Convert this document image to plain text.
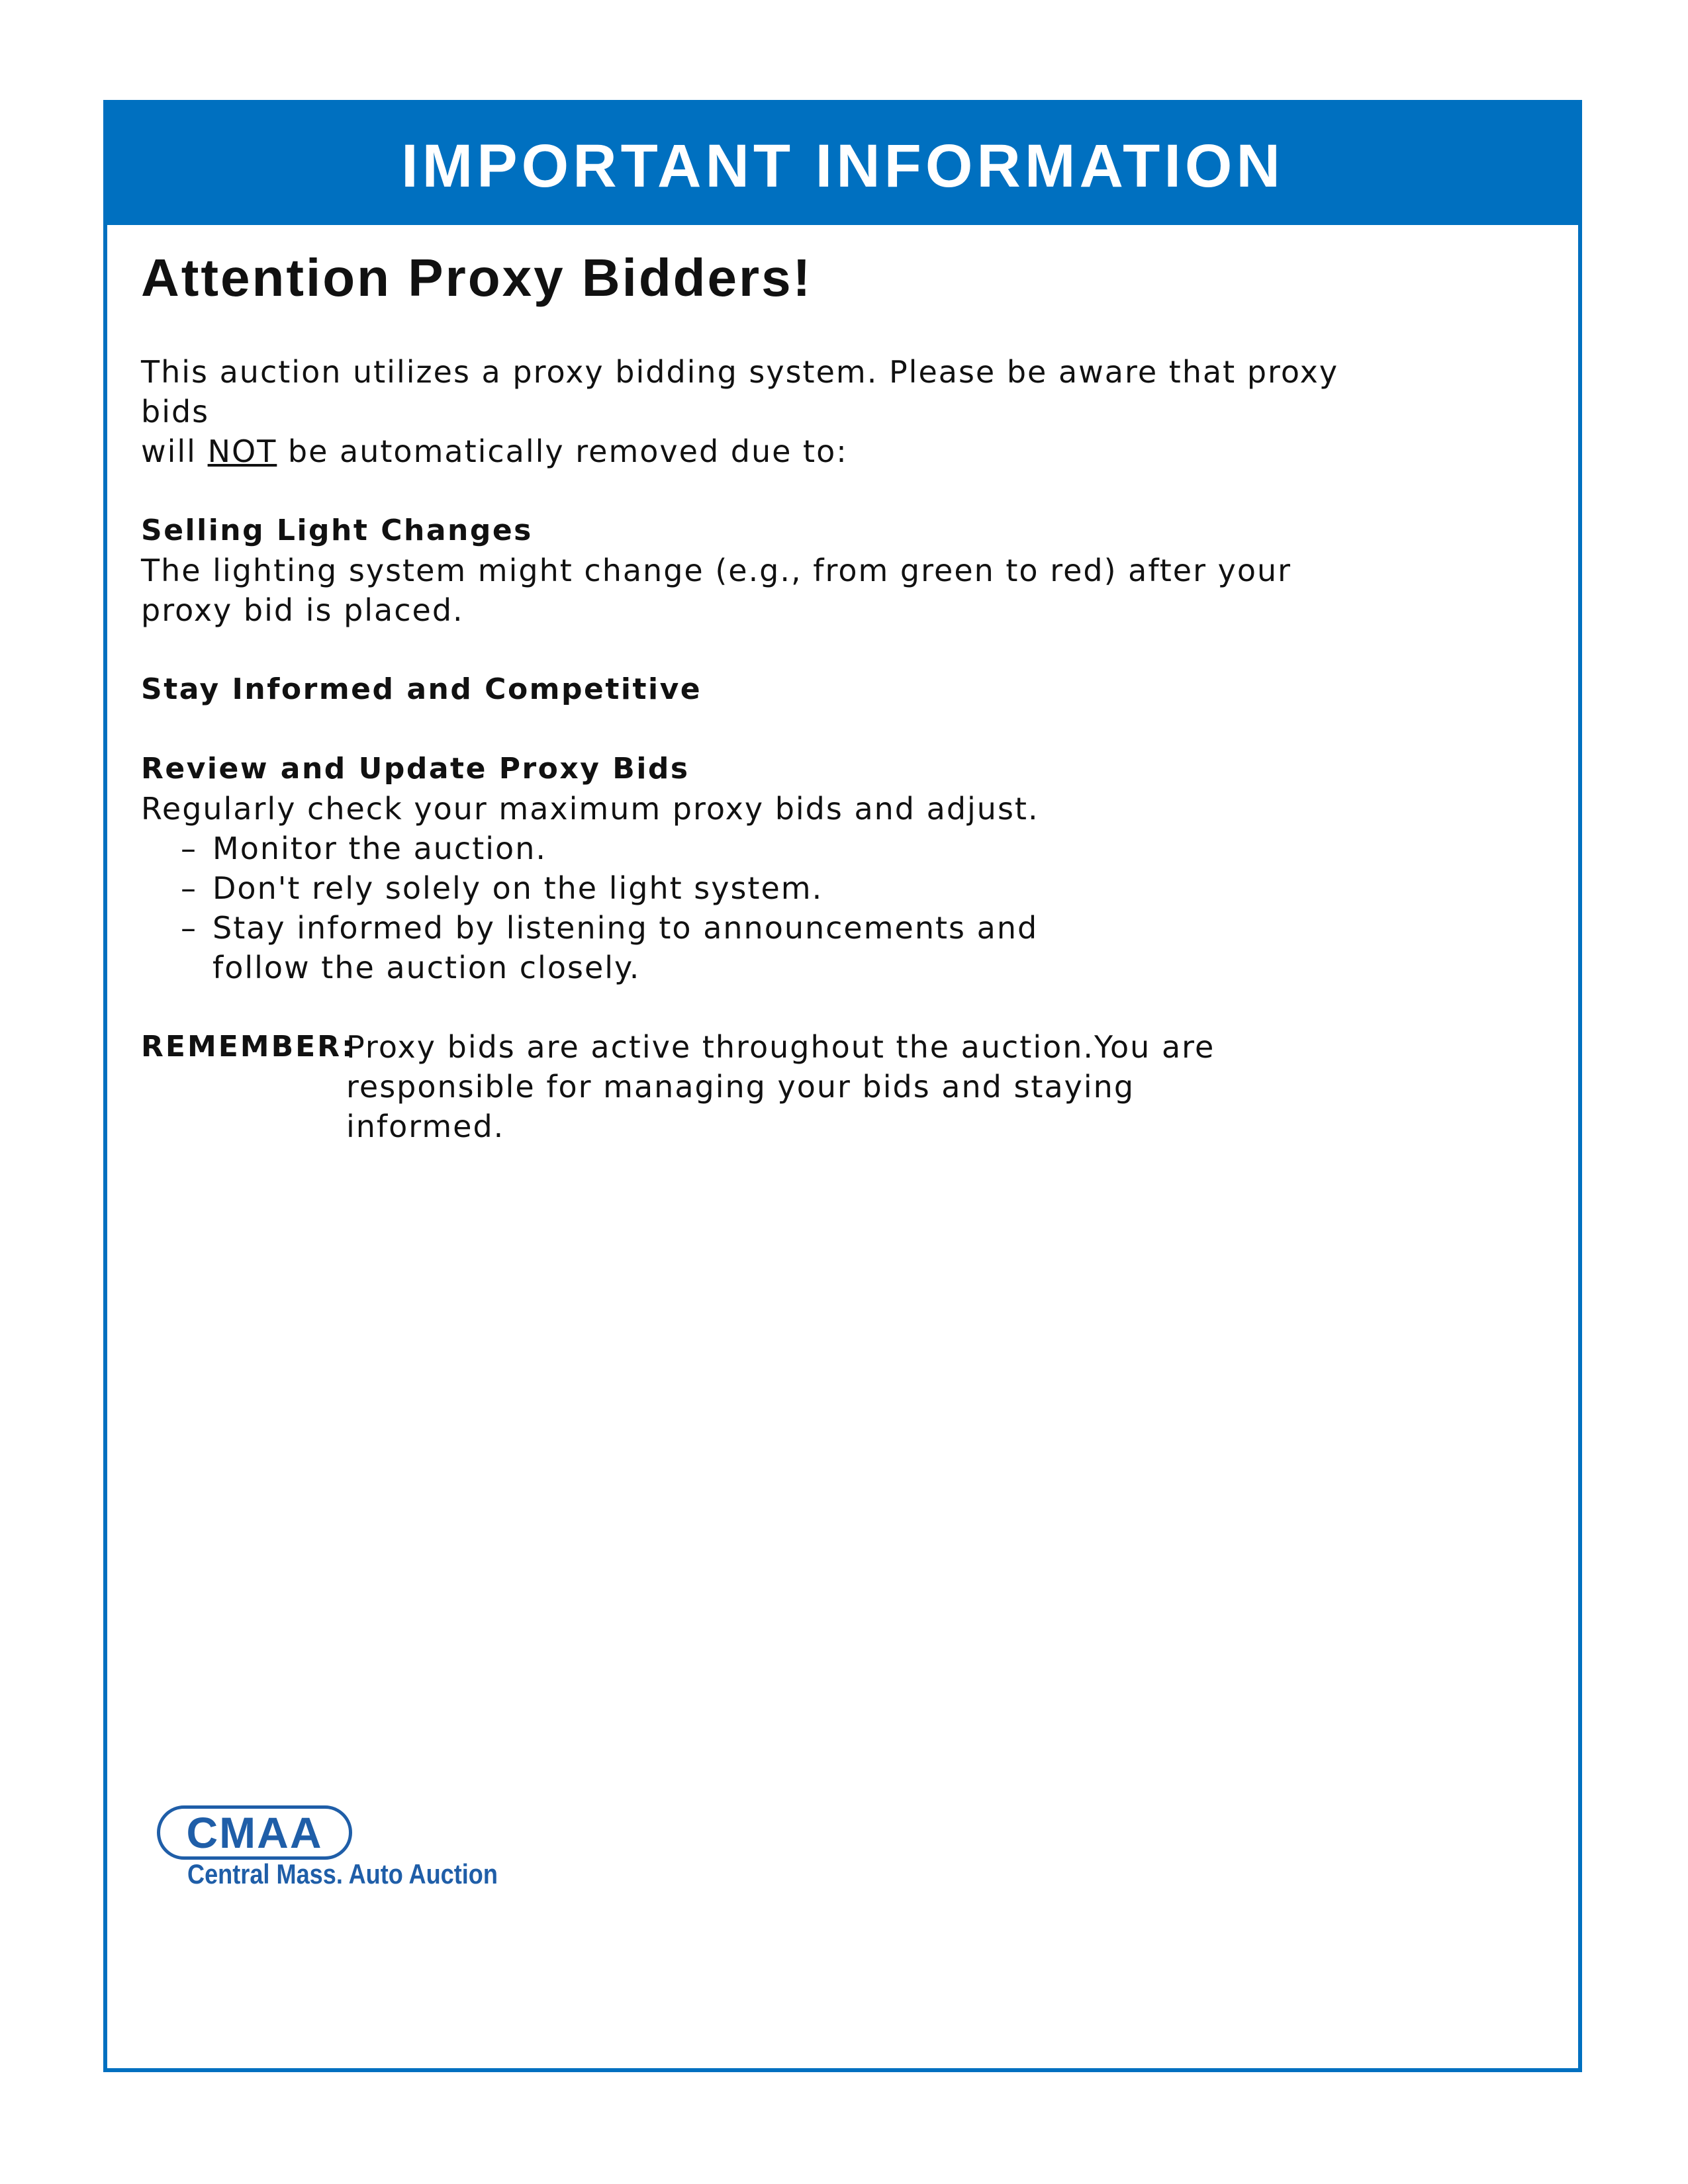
IMPORTANT INFORMATION
Attention Proxy Bidders!

This auction utilizes a proxy bidding system. Please be aware that proxy bids
will NOT be automatically removed due to:

Selling Light Changes

The lighting system might change (e.g., from green to red) after your proxy bid is placed.

Stay Informed and Competitive
Review and Update Proxy Bids

Regularly check your maximum proxy bids and adjust.

– Monitor the auction.
– Don't rely solely on the light system.
– Stay informed by listening to announcements and follow the auction closely.
REMEMBER:
Proxy bids are active throughout the auction.You are responsible for managing your bids and staying informed.
CMAA
Central Mass. Auto Auction
